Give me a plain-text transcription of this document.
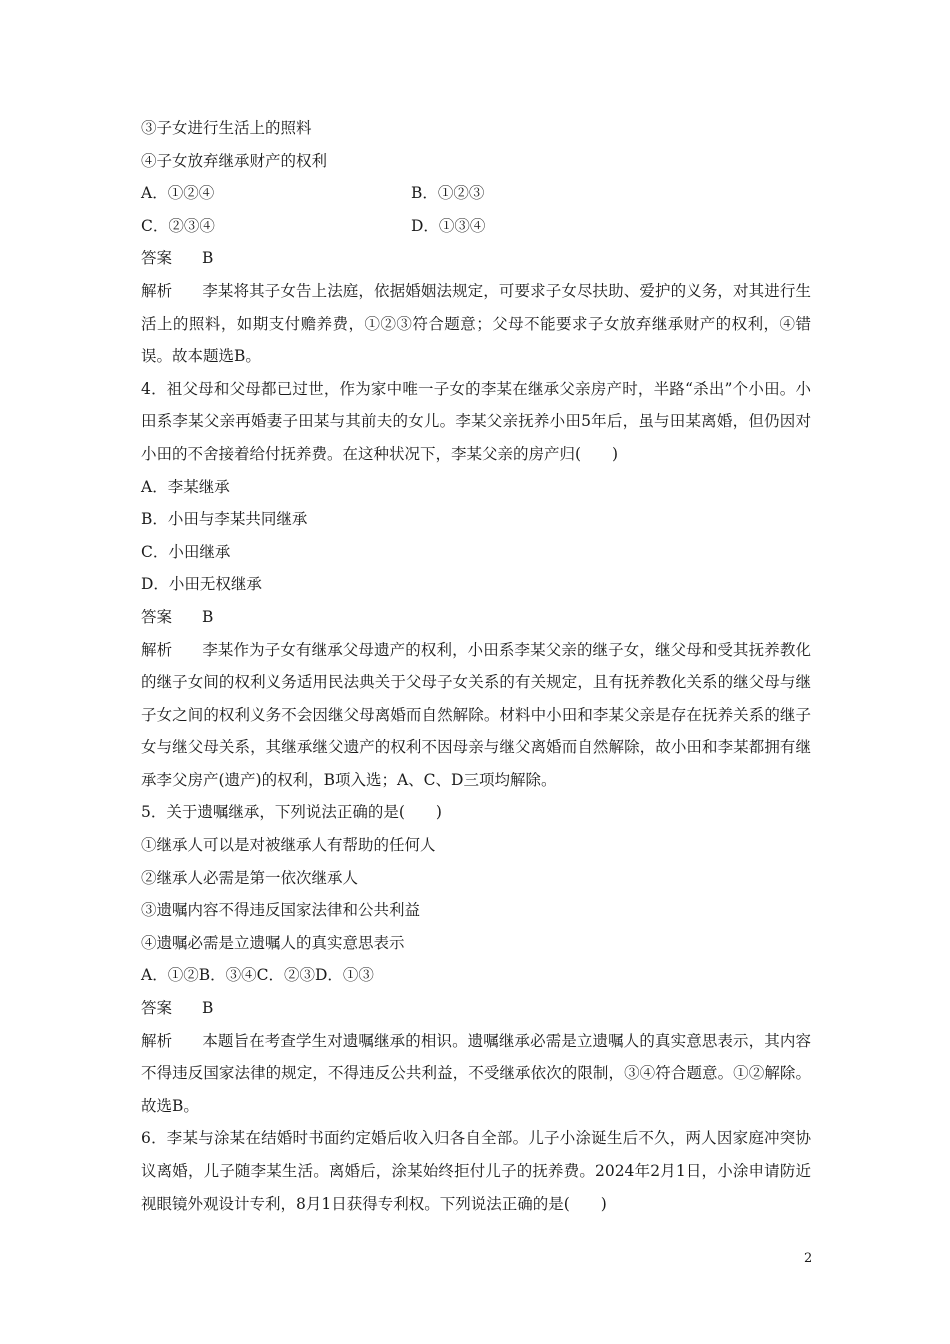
③子女进行生活上的照料
④子女放弃继承财产的权利
A．①②④	B．①②③
C．②③④	D．①③④
答案 B
解析 李某将其子女告上法庭，依据婚姻法规定，可要求子女尽扶助、爱护的义务，对其进行生活上的照料，如期支付赡养费，①②③符合题意；父母不能要求子女放弃继承财产的权利，④错误。故本题选B。
4．祖父母和父母都已过世，作为家中唯一子女的李某在继承父亲房产时，半路“杀出”个小田。小田系李某父亲再婚妻子田某与其前夫的女儿。李某父亲抚养小田5年后，虽与田某离婚，但仍因对小田的不舍接着给付抚养费。在这种状况下，李某父亲的房产归(　　)
A．李某继承
B．小田与李某共同继承
C．小田继承
D．小田无权继承
答案 B
解析 李某作为子女有继承父母遗产的权利，小田系李某父亲的继子女，继父母和受其抚养教化的继子女间的权利义务适用民法典关于父母子女关系的有关规定，且有抚养教化关系的继父母与继子女之间的权利义务不会因继父母离婚而自然解除。材料中小田和李某父亲是存在抚养关系的继子女与继父母关系，其继承继父遗产的权利不因母亲与继父离婚而自然解除，故小田和李某都拥有继承李父房产(遗产)的权利，B项入选；A、C、D三项均解除。
5．关于遗嘱继承，下列说法正确的是(　　)
①继承人可以是对被继承人有帮助的任何人
②继承人必需是第一依次继承人
③遗嘱内容不得违反国家法律和公共利益
④遗嘱必需是立遗嘱人的真实意思表示
A．①②B．③④C．②③D．①③
答案 B
解析 本题旨在考查学生对遗嘱继承的相识。遗嘱继承必需是立遗嘱人的真实意思表示，其内容不得违反国家法律的规定，不得违反公共利益，不受继承依次的限制，③④符合题意。①②解除。故选B。
6．李某与涂某在结婚时书面约定婚后收入归各自全部。儿子小涂诞生后不久，两人因家庭冲突协议离婚，儿子随李某生活。离婚后，涂某始终拒付儿子的抚养费。2024年2月1日，小涂申请防近视眼镜外观设计专利，8月1日获得专利权。下列说法正确的是(　　)
2
